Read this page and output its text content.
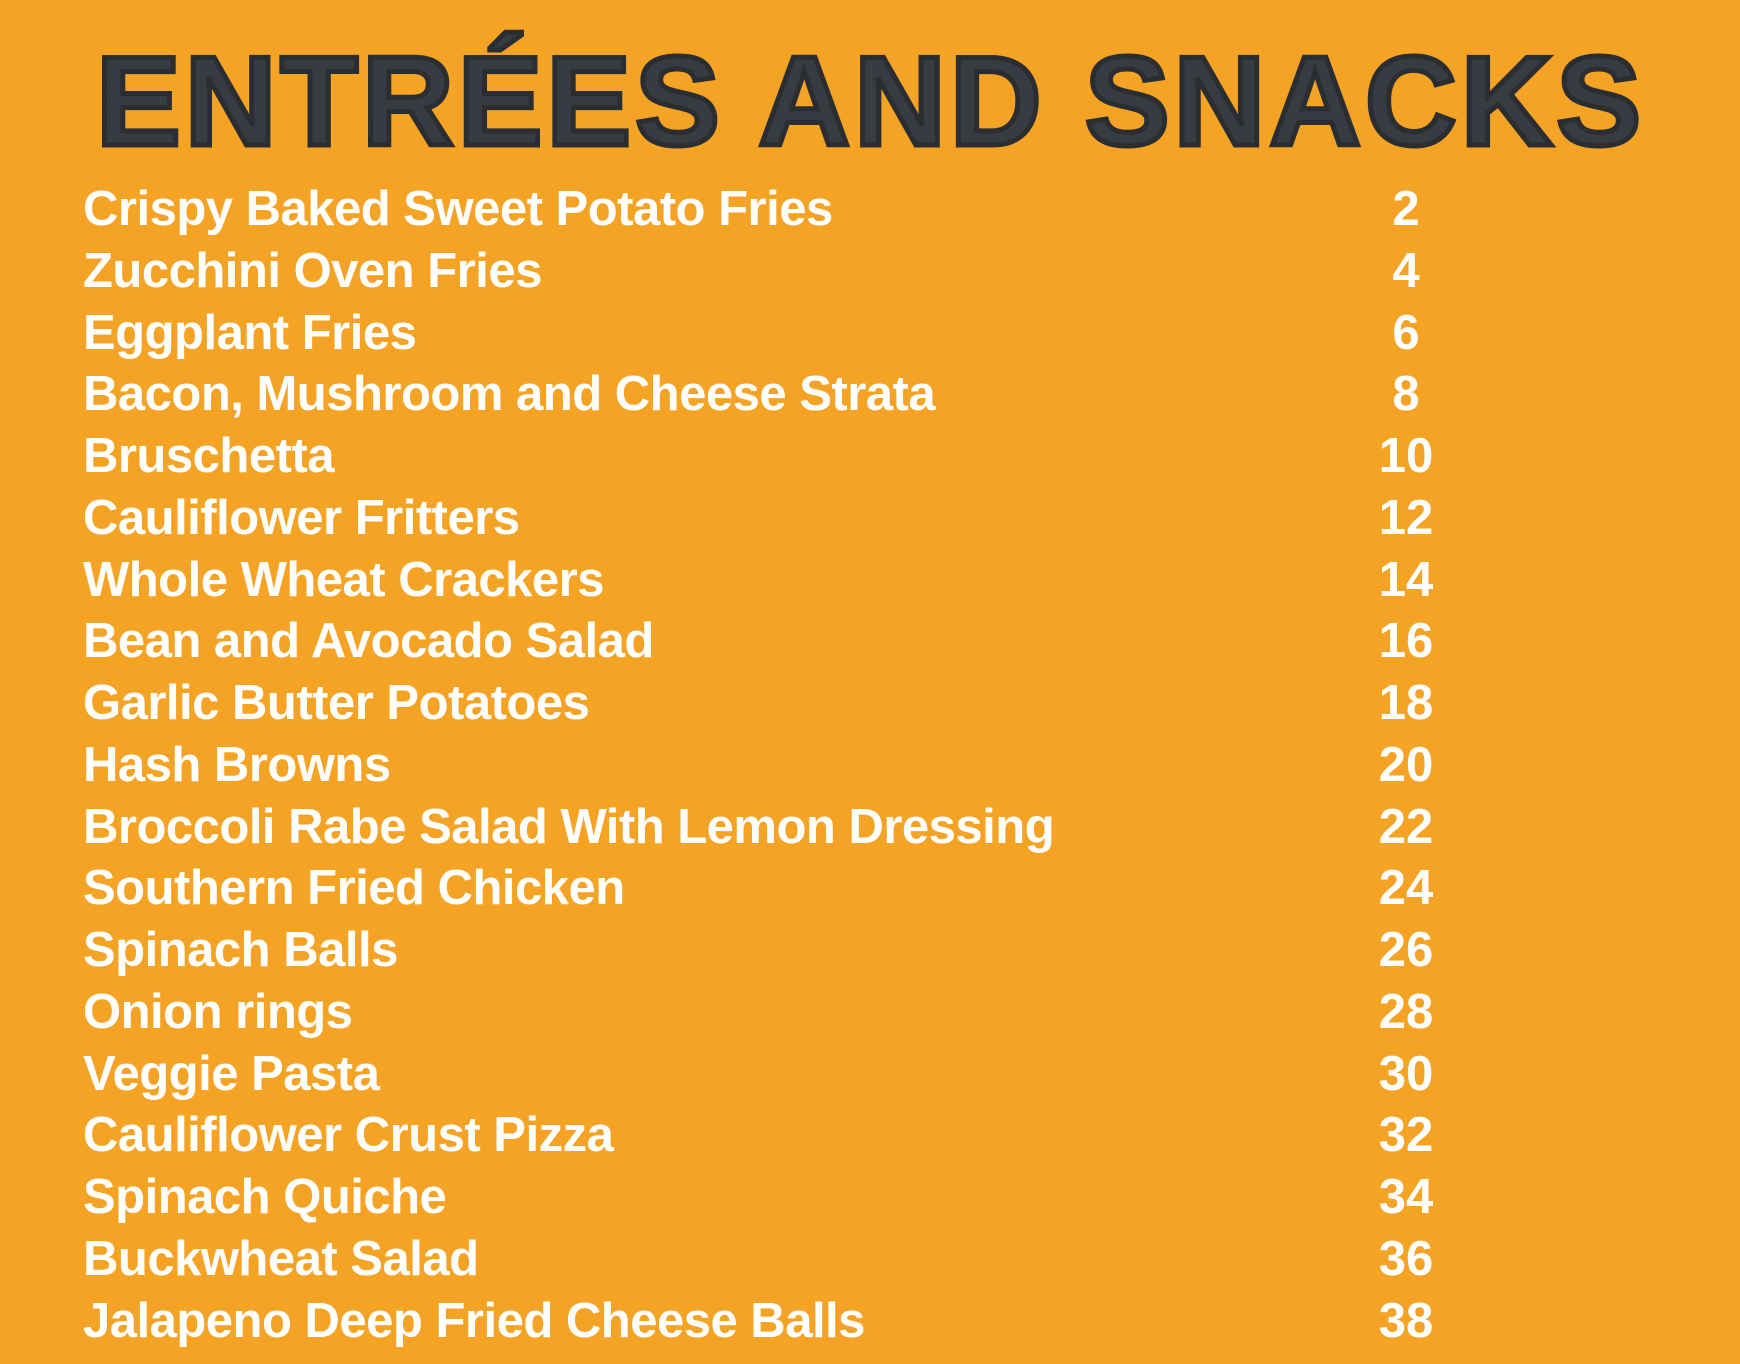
ENTRÉES AND SNACKS
Crispy Baked Sweet Potato Fries	2
Zucchini Oven Fries	4
Eggplant Fries	6
Bacon, Mushroom and Cheese Strata	8
Bruschetta	10
Cauliflower Fritters	12
Whole Wheat Crackers	14
Bean and Avocado Salad	16
Garlic Butter Potatoes	18
Hash Browns	20
Broccoli Rabe Salad With Lemon Dressing	22
Southern Fried Chicken	24
Spinach Balls	26
Onion rings	28
Veggie Pasta	30
Cauliflower Crust Pizza	32
Spinach Quiche	34
Buckwheat Salad	36
Jalapeno Deep Fried Cheese Balls	38
